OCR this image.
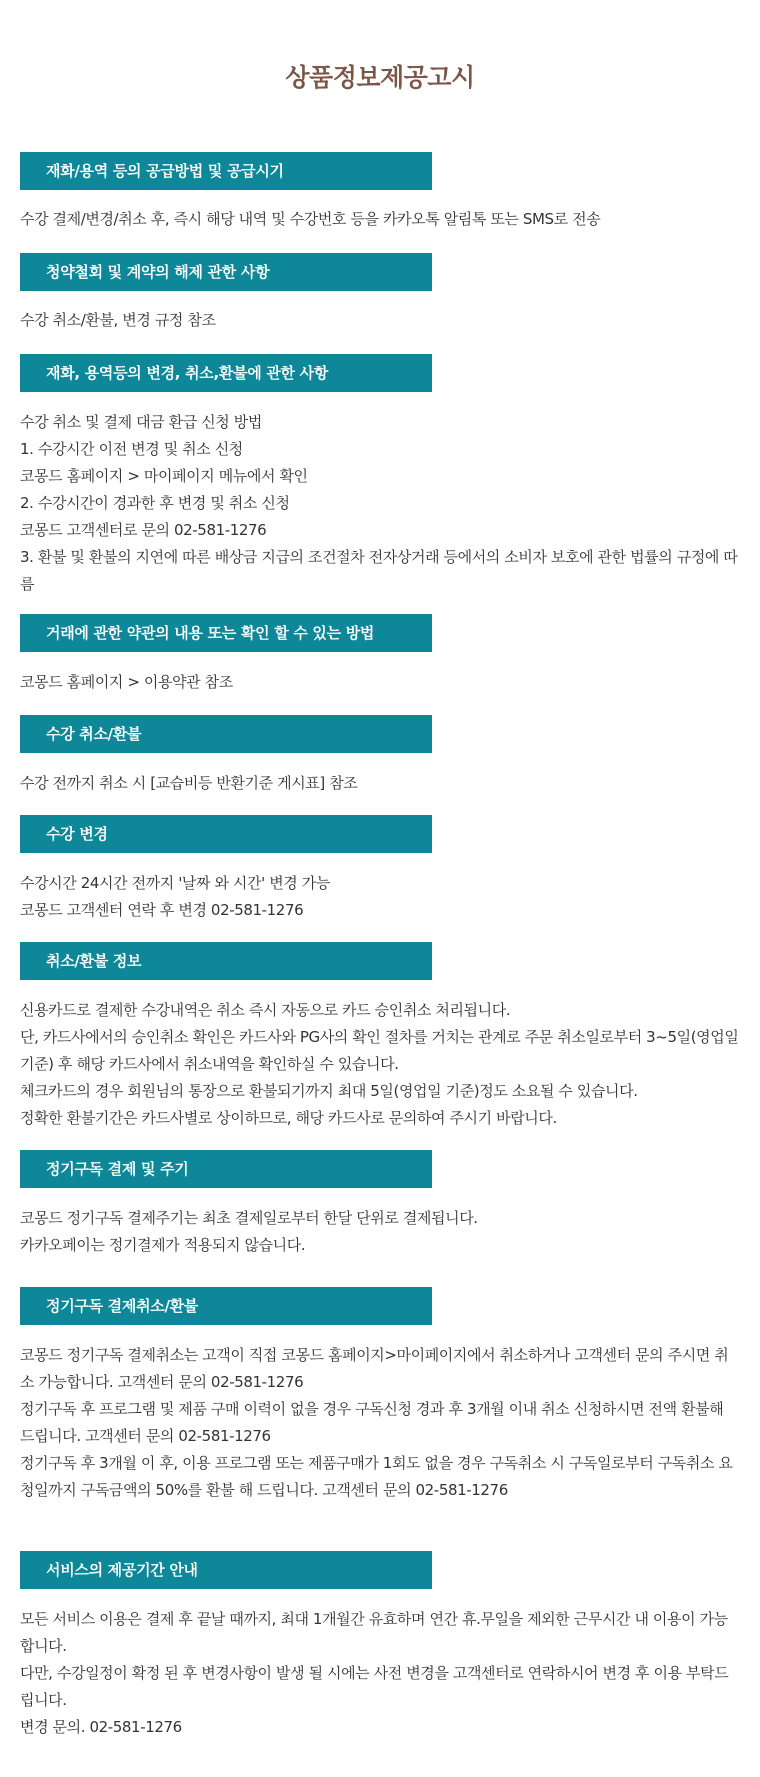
상품정보제공고시
재화/용역 등의 공급방법 및 공급시기
수강 결제/변경/취소 후, 즉시 해당 내역 및 수강번호 등을 카카오톡 알림톡 또는 SMS로 전송
청약철회 및 계약의 해제 관한 사항
수강 취소/환불, 변경 규정 참조
재화, 용역등의 변경, 취소,환불에 관한 사항
수강 취소 및 결제 대금 환급 신청 방법
1. 수강시간 이전 변경 및 취소 신청
코몽드 홈페이지 > 마이페이지 메뉴에서 확인
2. 수강시간이 경과한 후 변경 및 취소 신청
코몽드 고객센터로 문의 02-581-1276
3. 환불 및 환불의 지연에 따른 배상금 지급의 조건절차 전자상거래 등에서의 소비자 보호에 관한 법률의 규정에 따름
거래에 관한 약관의 내용 또는 확인 할 수 있는 방법
코몽드 홈페이지 > 이용약관 참조
수강 취소/환불
수강 전까지 취소 시 [교습비등 반환기준 게시표] 참조
수강 변경
수강시간 24시간 전까지 '날짜 와 시간' 변경 가능
코몽드 고객센터 연락 후 변경 02-581-1276
취소/환불 정보
신용카드로 결제한 수강내역은 취소 즉시 자동으로 카드 승인취소 처리됩니다.
단, 카드사에서의 승인취소 확인은 카드사와 PG사의 확인 절차를 거치는 관계로 주문 취소일로부터 3~5일(영업일 기준) 후 해당 카드사에서 취소내역을 확인하실 수 있습니다.
체크카드의 경우 회원님의 통장으로 환불되기까지 최대 5일(영업일 기준)정도 소요될 수 있습니다.
정확한 환불기간은 카드사별로 상이하므로, 해당 카드사로 문의하여 주시기 바랍니다.
정기구독 결제 및 주기
코몽드 정기구독 결제주기는 최초 결제일로부터 한달 단위로 결제됩니다.
카카오페이는 정기결제가 적용되지 않습니다.
정기구독 결제취소/환불
코몽드 정기구독 결제취소는 고객이 직접 코몽드 홈페이지>마이페이지에서 취소하거나 고객센터 문의 주시면 취소 가능합니다. 고객센터 문의 02-581-1276
정기구독 후 프로그램 및 제품 구매 이력이 없을 경우 구독신청 경과 후 3개월 이내 취소 신청하시면 전액 환불해 드립니다. 고객센터 문의 02-581-1276
정기구독 후 3개월 이 후, 이용 프로그램 또는 제품구매가 1회도 없을 경우 구독취소 시 구독일로부터 구독취소 요청일까지 구독금액의 50%를 환불 해 드립니다. 고객센터 문의 02-581-1276
서비스의 제공기간 안내
모든 서비스 이용은 결제 후 끝날 때까지, 최대 1개월간 유효하며 연간 휴.무일을 제외한 근무시간 내 이용이 가능합니다.
다만, 수강일정이 확정 된 후 변경사항이 발생 될 시에는 사전 변경을 고객센터로 연락하시어 변경 후 이용 부탁드립니다.
변경 문의. 02-581-1276
